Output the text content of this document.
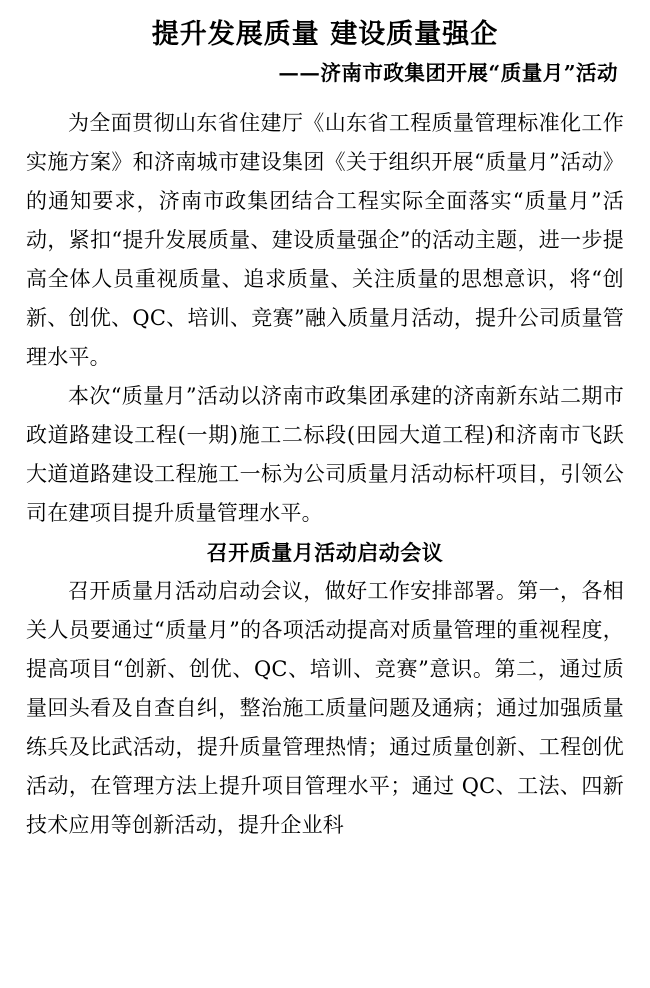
提升发展质量 建设质量强企
——济南市政集团开展“质量月”活动

为全面贯彻山东省住建厅《山东省工程质量管理标准化工作实施方案》和济南城市建设集团《关于组织开展“质量月”活动》的通知要求，济南市政集团结合工程实际全面落实“质量月”活动，紧扣“提升发展质量、建设质量强企”的活动主题，进一步提高全体人员重视质量、追求质量、关注质量的思想意识，将“创新、创优、QC、培训、竞赛”融入质量月活动，提升公司质量管理水平。

本次“质量月”活动以济南市政集团承建的济南新东站二期市政道路建设工程(一期)施工二标段(田园大道工程)和济南市飞跃大道道路建设工程施工一标为公司质量月活动标杆项目，引领公司在建项目提升质量管理水平。

召开质量月活动启动会议

召开质量月活动启动会议，做好工作安排部署。第一，各相关人员要通过“质量月”的各项活动提高对质量管理的重视程度，提高项目“创新、创优、QC、培训、竞赛”意识。第二，通过质量回头看及自查自纠，整治施工质量问题及通病；通过加强质量练兵及比武活动，提升质量管理热情；通过质量创新、工程创优活动，在管理方法上提升项目管理水平；通过 QC、工法、四新技术应用等创新活动，提升企业科
